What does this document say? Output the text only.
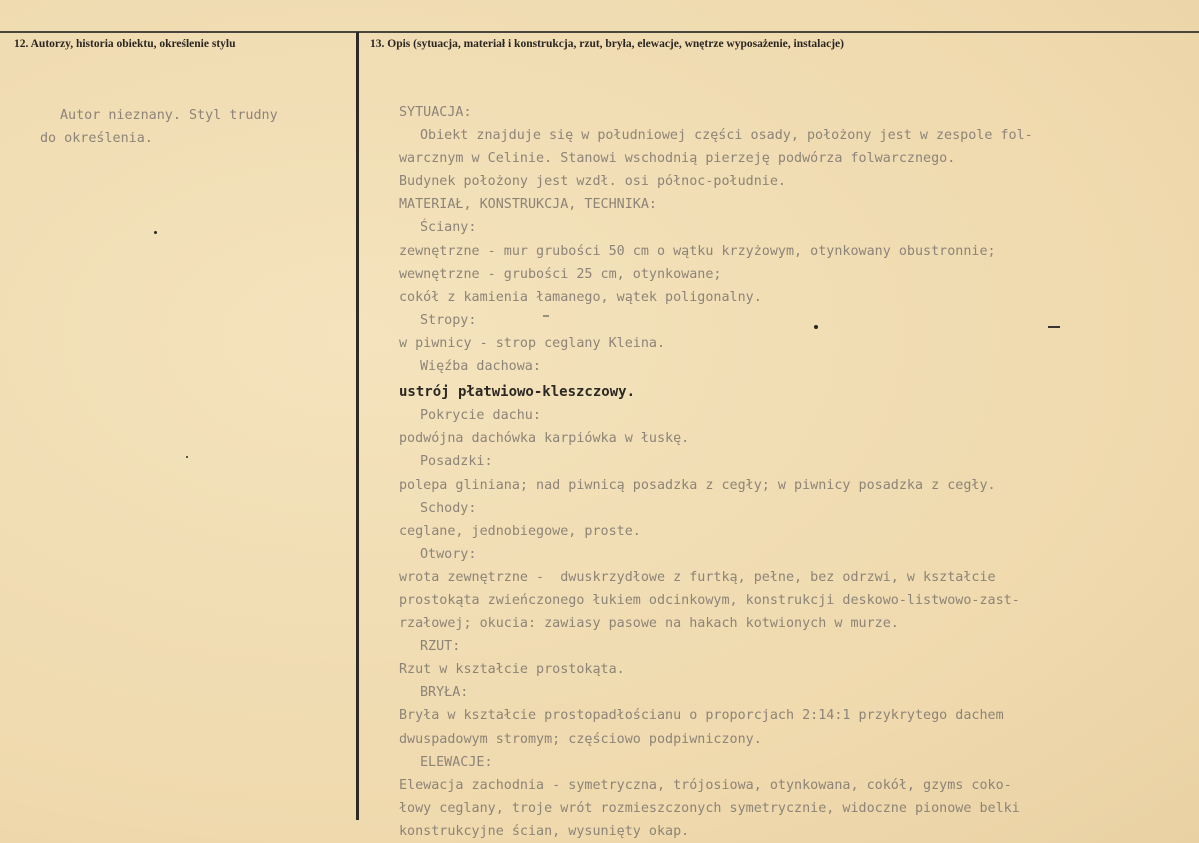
12. Autorzy, historia obiektu, określenie stylu	13. Opis (sytuacja, materiał i konstrukcja, rzut, bryła, elewacje, wnętrze wyposażenie, instalacje)
Autor nieznany. Styl trudny
do określenia.
SYTUACJA:
Obiekt znajduje się w południowej części osady, położony jest w zespole fol-
warcznym w Celinie. Stanowi wschodnią pierzeję podwórza folwarcznego.
Budynek położony jest wzdł. osi północ-południe.
MATERIAŁ, KONSTRUKCJA, TECHNIKA:
Ściany:
zewnętrzne - mur grubości 50 cm o wątku krzyżowym, otynkowany obustronnie;
wewnętrzne - grubości 25 cm, otynkowane;
cokół z kamienia łamanego, wątek poligonalny.
Stropy:
w piwnicy - strop ceglany Kleina.
Więźba dachowa:
ustrój płatwiowo-kleszczowy.
Pokrycie dachu:
podwójna dachówka karpiówka w łuskę.
Posadzki:
polepa gliniana; nad piwnicą posadzka z cegły; w piwnicy posadzka z cegły.
Schody:
ceglane, jednobiegowe, proste.
Otwory:
wrota zewnętrzne -  dwuskrzydłowe z furtką, pełne, bez odrzwi, w kształcie
prostokąta zwieńczonego łukiem odcinkowym, konstrukcji deskowo-listwowo-zast-
rzałowej; okucia: zawiasy pasowe na hakach kotwionych w murze.
RZUT:
Rzut w kształcie prostokąta.
BRYŁA:
Bryła w kształcie prostopadłościanu o proporcjach 2:14:1 przykrytego dachem
dwuspadowym stromym; częściowo podpiwniczony.
ELEWACJE:
Elewacja zachodnia - symetryczna, trójosiowa, otynkowana, cokół, gzyms coko-
łowy ceglany, troje wrót rozmieszczonych symetrycznie, widoczne pionowe belki
konstrukcyjne ścian, wysunięty okap.
